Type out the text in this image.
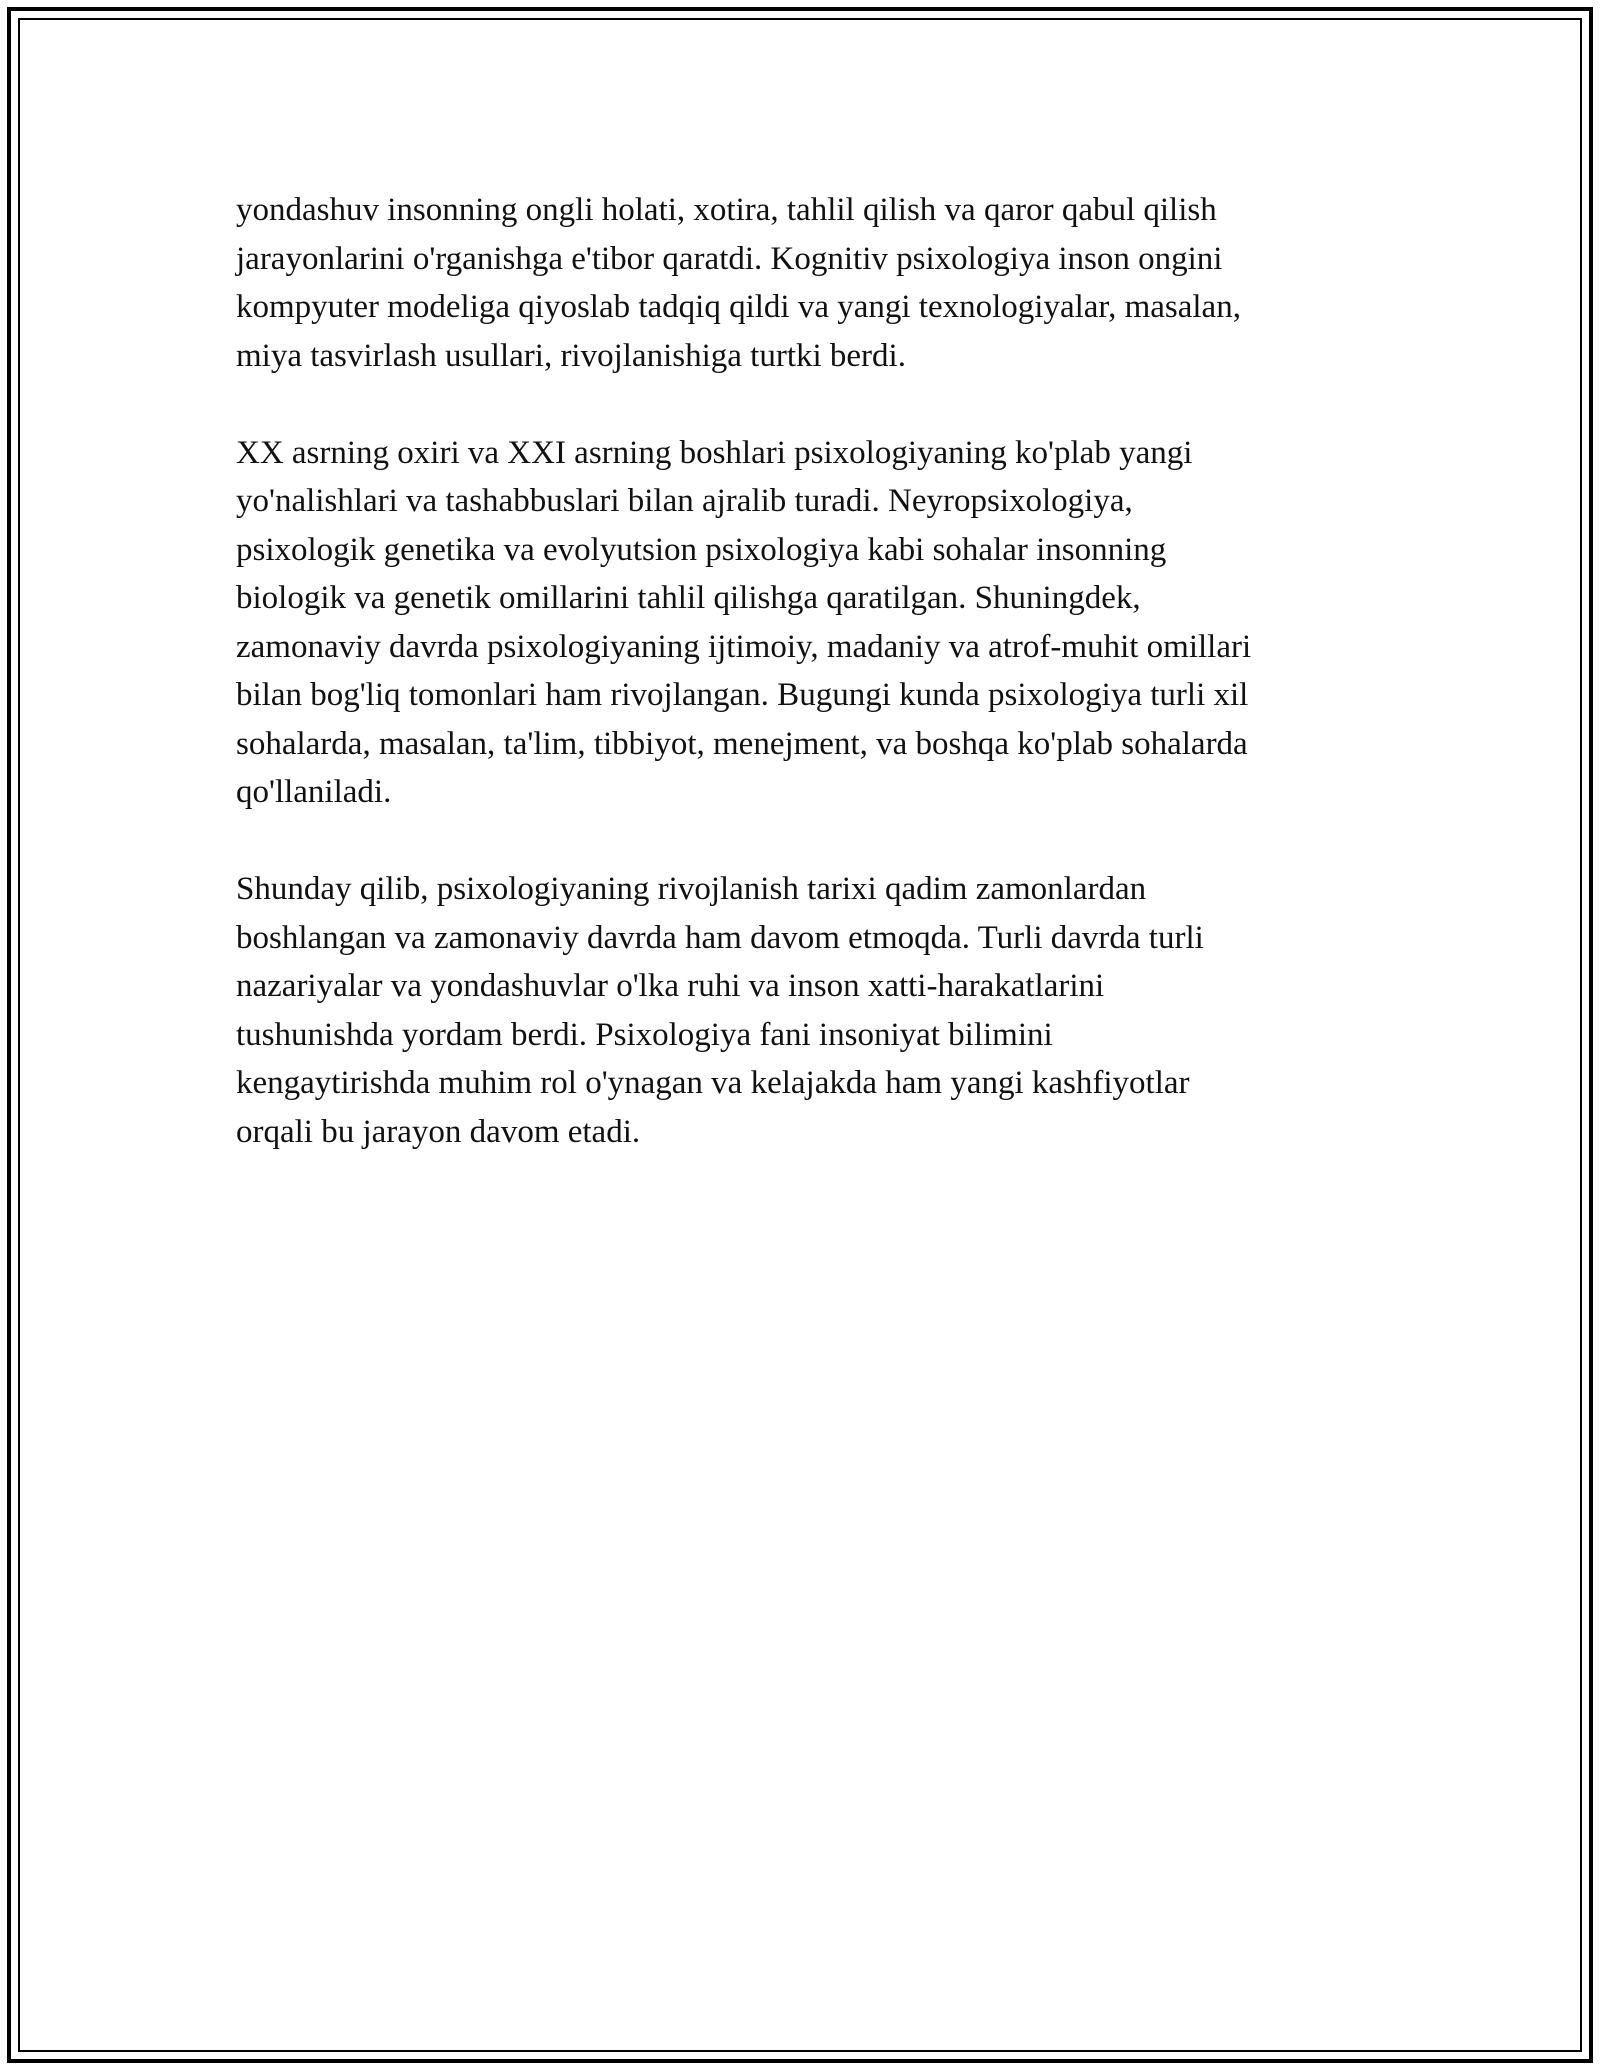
yondashuv insonning ongli holati, xotira, tahlil qilish va qaror qabul qilish
jarayonlarini o'rganishga e'tibor qaratdi. Kognitiv psixologiya inson ongini
kompyuter modeliga qiyoslab tadqiq qildi va yangi texnologiyalar, masalan,
miya tasvirlash usullari, rivojlanishiga turtki berdi.

XX asrning oxiri va XXI asrning boshlari psixologiyaning ko'plab yangi
yo'nalishlari va tashabbuslari bilan ajralib turadi. Neyropsixologiya,
psixologik genetika va evolyutsion psixologiya kabi sohalar insonning
biologik va genetik omillarini tahlil qilishga qaratilgan. Shuningdek,
zamonaviy davrda psixologiyaning ijtimoiy, madaniy va atrof-muhit omillari
bilan bog'liq tomonlari ham rivojlangan. Bugungi kunda psixologiya turli xil
sohalarda, masalan, ta'lim, tibbiyot, menejment, va boshqa ko'plab sohalarda
qo'llaniladi.

Shunday qilib, psixologiyaning rivojlanish tarixi qadim zamonlardan
boshlangan va zamonaviy davrda ham davom etmoqda. Turli davrda turli
nazariyalar va yondashuvlar o'lka ruhi va inson xatti-harakatlarini
tushunishda yordam berdi. Psixologiya fani insoniyat bilimini
kengaytirishda muhim rol o'ynagan va kelajakda ham yangi kashfiyotlar
orqali bu jarayon davom etadi.
